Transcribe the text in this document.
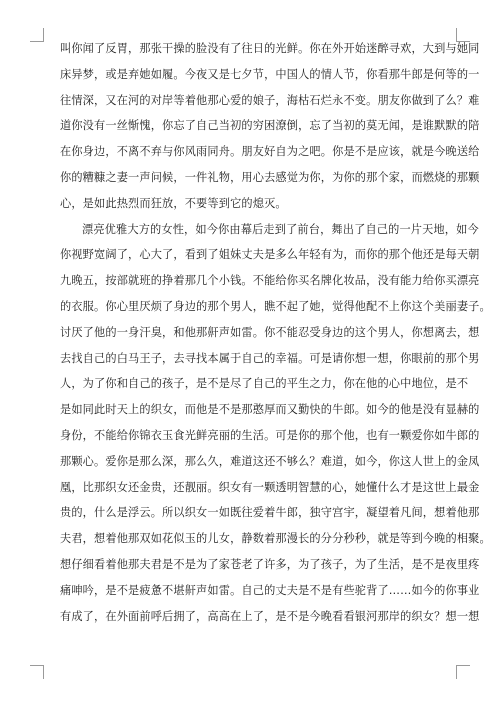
叫你闻了反胃，那张干操的脸没有了往日的光鲜。你在外开始迷醉寻欢，大到与她同
床异梦，或是弃她如履。今夜又是七夕节，中国人的情人节，你看那牛郎是何等的一
往情深，又在河的对岸等着他那心爱的娘子，海枯石烂永不变。朋友你做到了么？难
道你没有一丝惭愧，你忘了自己当初的穷困潦倒，忘了当初的莫无闻，是谁默默的陪
在你身边，不离不弃与你风雨同舟。朋友好自为之吧。你是不是应该，就是今晚送给
你的糟糠之妻一声问候，一件礼物，用心去感觉为你，为你的那个家，而燃烧的那颗
心，是如此热烈而狂放，不要等到它的熄灭。
漂亮优雅大方的女性，如今你由幕后走到了前台，舞出了自己的一片天地，如今
你视野宽阔了，心大了，看到了姐妹丈夫是多么年轻有为，而你的那个他还是每天朝
九晚五，按部就班的挣着那几个小钱。不能给你买名牌化妆品，没有能力给你买漂亮
的衣服。你心里厌烦了身边的那个男人，瞧不起了她，觉得他配不上你这个美丽妻子。
讨厌了他的一身汗臭，和他那鼾声如雷。你不能忍受身边的这个男人，你想离去，想
去找自己的白马王子，去寻找本属于自己的幸福。可是请你想一想，你眼前的那个男
人，为了你和自己的孩子，是不是尽了自己的平生之力，你在他的心中地位，是不
是如同此时天上的织女，而他是不是那憨厚而又勤快的牛郎。如今的他是没有显赫的
身份，不能给你锦衣玉食光鲜亮丽的生活。可是你的那个他，也有一颗爱你如牛郎的
那颗心。爱你是那么深，那么久，难道这还不够么？难道，如今，你这人世上的金凤
凰，比那织女还金贵，还靓丽。织女有一颗透明智慧的心，她懂什么才是这世上最金
贵的，什么是浮云。所以织女一如既往爱着牛郎，独守宫宇，凝望着凡间，想着他那
夫君，想着他那双如花似玉的儿女，静数着那漫长的分分秒秒，就是等到今晚的相聚。
想仔细看着他那夫君是不是为了家苍老了许多，为了孩子，为了生活，是不是夜里疼
痛呻吟，是不是疲惫不堪鼾声如雷。自己的丈夫是不是有些驼背了……如今的你事业
有成了，在外面前呼后拥了，高高在上了，是不是今晚看看银河那岸的织女？想一想
